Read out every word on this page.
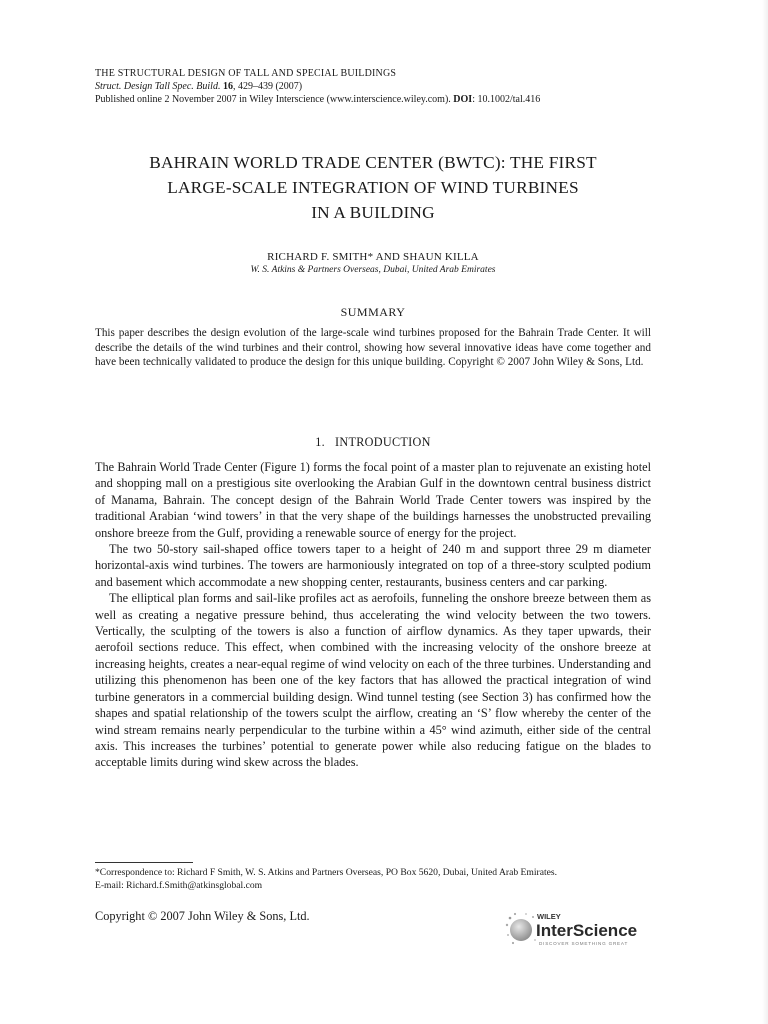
THE STRUCTURAL DESIGN OF TALL AND SPECIAL BUILDINGS
Struct. Design Tall Spec. Build. 16, 429–439 (2007)
Published online 2 November 2007 in Wiley Interscience (www.interscience.wiley.com). DOI: 10.1002/tal.416
BAHRAIN WORLD TRADE CENTER (BWTC): THE FIRST
LARGE-SCALE INTEGRATION OF WIND TURBINES
IN A BUILDING
RICHARD F. SMITH* AND SHAUN KILLA
W. S. Atkins & Partners Overseas, Dubai, United Arab Emirates
SUMMARY
This paper describes the design evolution of the large-scale wind turbines proposed for the Bahrain Trade Center. It will describe the details of the wind turbines and their control, showing how several innovative ideas have come together and have been technically validated to produce the design for this unique building. Copyright © 2007 John Wiley & Sons, Ltd.
1. INTRODUCTION

The Bahrain World Trade Center (Figure 1) forms the focal point of a master plan to rejuvenate an existing hotel and shopping mall on a prestigious site overlooking the Arabian Gulf in the downtown central business district of Manama, Bahrain. The concept design of the Bahrain World Trade Center towers was inspired by the traditional Arabian ‘wind towers’ in that the very shape of the buildings harnesses the unobstructed prevailing onshore breeze from the Gulf, providing a renewable source of energy for the project.

The two 50-story sail-shaped office towers taper to a height of 240 m and support three 29 m diameter horizontal-axis wind turbines. The towers are harmoniously integrated on top of a three-story sculpted podium and basement which accommodate a new shopping center, restaurants, business centers and car parking.

The elliptical plan forms and sail-like profiles act as aerofoils, funneling the onshore breeze between them as well as creating a negative pressure behind, thus accelerating the wind velocity between the two towers. Vertically, the sculpting of the towers is also a function of airflow dynamics. As they taper upwards, their aerofoil sections reduce. This effect, when combined with the increasing velocity of the onshore breeze at increasing heights, creates a near-equal regime of wind velocity on each of the three turbines. Understanding and utilizing this phenomenon has been one of the key factors that has allowed the practical integration of wind turbine generators in a commercial building design. Wind tunnel testing (see Section 3) has confirmed how the shapes and spatial relationship of the towers sculpt the airflow, creating an ‘S’ flow whereby the center of the wind stream remains nearly perpendicular to the turbine within a 45° wind azimuth, either side of the central axis. This increases the turbines’ potential to generate power while also reducing fatigue on the blades to acceptable limits during wind skew across the blades.

*Correspondence to: Richard F Smith, W. S. Atkins and Partners Overseas, PO Box 5620, Dubai, United Arab Emirates.
E-mail: Richard.f.Smith@atkinsglobal.com
Copyright © 2007 John Wiley & Sons, Ltd.	WILEY
InterScience
DISCOVER SOMETHING GREAT
